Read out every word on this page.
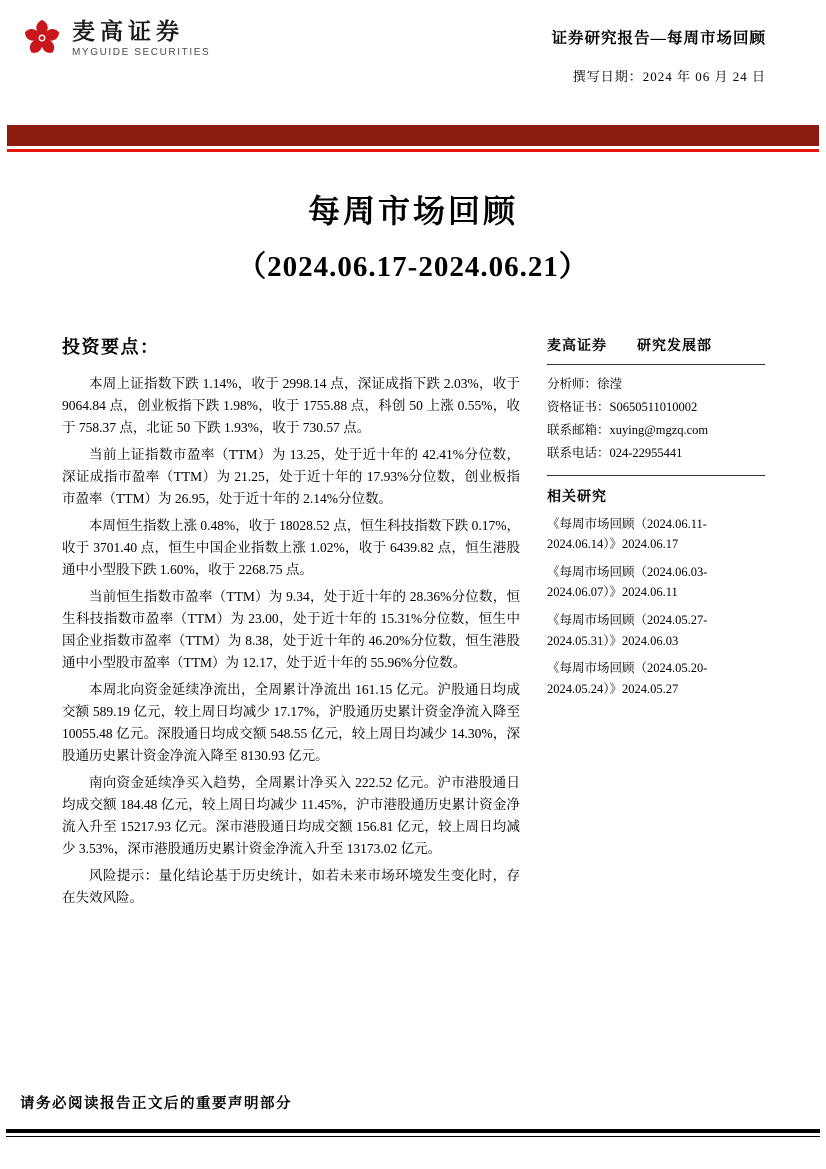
麦高证券
MYGUIDE SECURITIES
证券研究报告—每周市场回顾
撰写日期：2024 年 06 月 24 日
每周市场回顾
（2024.06.17-2024.06.21）
投资要点：

本周上证指数下跌 1.14%，收于 2998.14 点，深证成指下跌 2.03%，收于 9064.84 点，创业板指下跌 1.98%，收于 1755.88 点，科创 50 上涨 0.55%，收于 758.37 点，北证 50 下跌 1.93%，收于 730.57 点。

当前上证指数市盈率（TTM）为 13.25，处于近十年的 42.41%分位数，深证成指市盈率（TTM）为 21.25，处于近十年的 17.93%分位数，创业板指市盈率（TTM）为 26.95，处于近十年的 2.14%分位数。

本周恒生指数上涨 0.48%，收于 18028.52 点，恒生科技指数下跌 0.17%，收于 3701.40 点，恒生中国企业指数上涨 1.02%，收于 6439.82 点，恒生港股通中小型股下跌 1.60%，收于 2268.75 点。

当前恒生指数市盈率（TTM）为 9.34，处于近十年的 28.36%分位数，恒生科技指数市盈率（TTM）为 23.00，处于近十年的 15.31%分位数，恒生中国企业指数市盈率（TTM）为 8.38，处于近十年的 46.20%分位数，恒生港股通中小型股市盈率（TTM）为 12.17，处于近十年的 55.96%分位数。

本周北向资金延续净流出，全周累计净流出 161.15 亿元。沪股通日均成交额 589.19 亿元，较上周日均减少 17.17%，沪股通历史累计资金净流入降至 10055.48 亿元。深股通日均成交额 548.55 亿元，较上周日均减少 14.30%，深股通历史累计资金净流入降至 8130.93 亿元。

南向资金延续净买入趋势，全周累计净买入 222.52 亿元。沪市港股通日均成交额 184.48 亿元，较上周日均减少 11.45%，沪市港股通历史累计资金净流入升至 15217.93 亿元。深市港股通日均成交额 156.81 亿元，较上周日均减少 3.53%，深市港股通历史累计资金净流入升至 13173.02 亿元。

风险提示：量化结论基于历史统计，如若未来市场环境发生变化时，存在失效风险。

麦高证券 研究发展部
分析师：徐滢
资格证书：S0650511010002
联系邮箱：xuying@mgzq.com
联系电话：024-22955441
相关研究
《每周市场回顾（2024.06.11-2024.06.14）》2024.06.17
《每周市场回顾（2024.06.03-2024.06.07）》2024.06.11
《每周市场回顾（2024.05.27-2024.05.31）》2024.06.03
《每周市场回顾（2024.05.20-2024.05.24）》2024.05.27
请务必阅读报告正文后的重要声明部分
